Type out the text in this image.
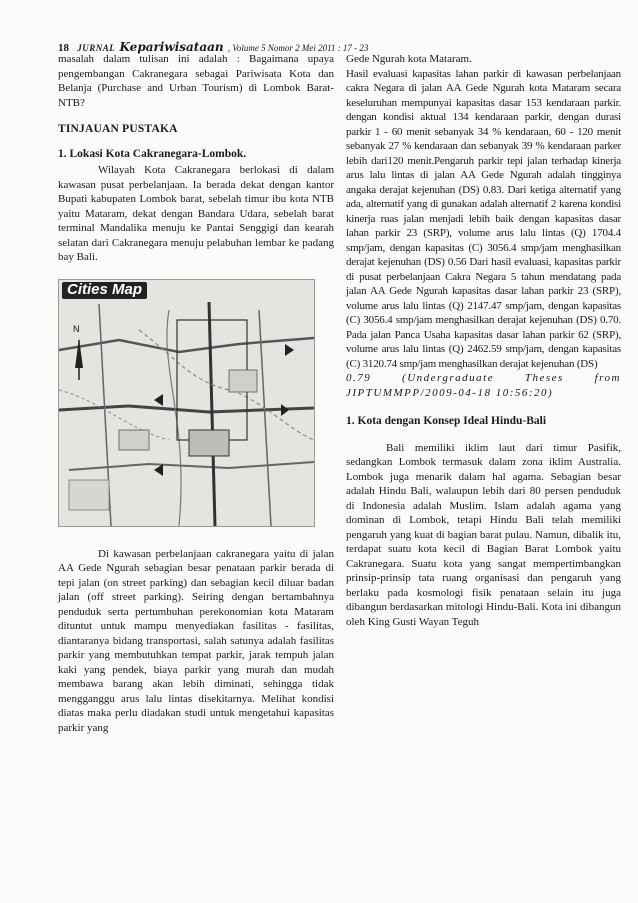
18 JURNAL Kepariwisataan , Volume 5 Nomor 2 Mei 2011 : 17 - 23

masalah dalam tulisan ini adalah : Bagaimana upaya pengembangan Cakranegara sebagai Pariwisata Kota dan Belanja (Purchase and Urban Tourism) di Lombok Barat-NTB?

TINJAUAN PUSTAKA
1. Lokasi Kota Cakranegara-Lombok.

Wilayah Kota Cakranegara berlokasi di dalam kawasan pusat perbelanjaan. Ia berada dekat dengan kantor Bupati kabupaten Lombok barat, sebelah timur ibu kota NTB yaitu Mataram, dekat dengan Bandara Udara, sebelah barat terminal Mandalika menuju ke Pantai Senggigi dan kearah selatan dari Cakranegara menuju pelabuhan lembar ke padang bay Bali.

N
Cities Map

Di kawasan perbelanjaan cakranegara yaitu di jalan AA Gede Ngurah sebagian besar penataan parkir berada di tepi jalan (on street parking) dan sebagian kecil diluar badan jalan (off street parking). Seiring dengan bertambahnya penduduk serta pertumbuhan perekonomian kota Mataram dituntut untuk mampu menyediakan fasilitas - fasilitas, diantaranya bidang transportasi, salah satunya adalah fasilitas parkir yang membutuhkan tempat parkir, jarak tempuh jalan kaki yang pendek, biaya parkir yang murah dan mudah membawa barang akan lebih diminati, sehingga tidak mengganggu arus lalu lintas disekitarnya. Melihat kondisi diatas maka perlu diadakan studi untuk mengetahui kapasitas parkir yang

Gede Ngurah kota Mataram.

Hasil evaluasi kapasitas lahan parkir di kawasan perbelanjaan cakra Negara di jalan AA Gede Ngurah kota Mataram secara keseluruhan mempunyai kapasitas dasar 153 kendaraan parkir. dengan kondisi aktual 134 kendaraan parkir, dengan durasi parkir 1 - 60 menit sebanyak 34 % kendaraan, 60 - 120 menit sebanyak 27 % kendaraan dan sebanyak 39 % kendaraan parker lebih dari120 menit.Pengaruh parkir tepi jalan terhadap kinerja arus lalu lintas di jalan AA Gede Ngurah adalah tingginya angaka derajat kejenuhan (DS) 0.83. Dari ketiga alternatif yang ada, alternatif yang di gunakan adalah alternatif 2 karena kondisi kinerja ruas jalan menjadi lebih baik dengan kapasitas dasar lahan parkir 23 (SRP), volume arus lalu lintas (Q) 1704.4 smp/jam, dengan kapasitas (C) 3056.4 smp/jam menghasilkan derajat kejenuhan (DS) 0.56 Dari hasil evaluasi, kapasitas parkir di pusat perbelanjaan Cakra Negara 5 tahun mendatang pada jalan AA Gede Ngurah kapasitas dasar lahan parkir 23 (SRP), volume arus lalu lintas (Q) 2147.47 smp/jam, dengan kapasitas (C) 3056.4 smp/jam menghasilkan derajat kejenuhan (DS) 0.70. Pada jalan Panca Usaha kapasitas dasar lahan parkir 62 (SRP), volume arus lalu lintas (Q) 2462.59 smp/jam, dengan kapasitas (C) 3120.74 smp/jam menghasilkan derajat kejenuhan (DS)

0.79 (Undergraduate Theses from JIPTUMMPP/2009-04-18 10:56:20)

1. Kota dengan Konsep Ideal Hindu-Bali

Bali memiliki iklim laut dari timur Pasifik, sedangkan Lombok termasuk dalam zona iklim Australia. Lombok juga menarik dalam hal agama. Sebagian besar adalah Hindu Bali, walaupun lebih dari 80 persen penduduk di Indonesia adalah Muslim. Islam adalah agama yang dominan di Lombok, tetapi Hindu Bali telah memiliki pengaruh yang kuat di bagian barat pulau. Namun, dibalik itu, terdapat suatu kota kecil di Bagian Barat Lombok yaitu Cakranegara. Suatu kota yang sangat mempertimbangkan prinsip-prinsip tata ruang organisasi dan pengaruh yang berlaku pada kosmologi fisik penataan selain itu juga dibangun berdasarkan mitologi Hindu-Bali. Kota ini dibangun oleh King Gusti Wayan Teguh
